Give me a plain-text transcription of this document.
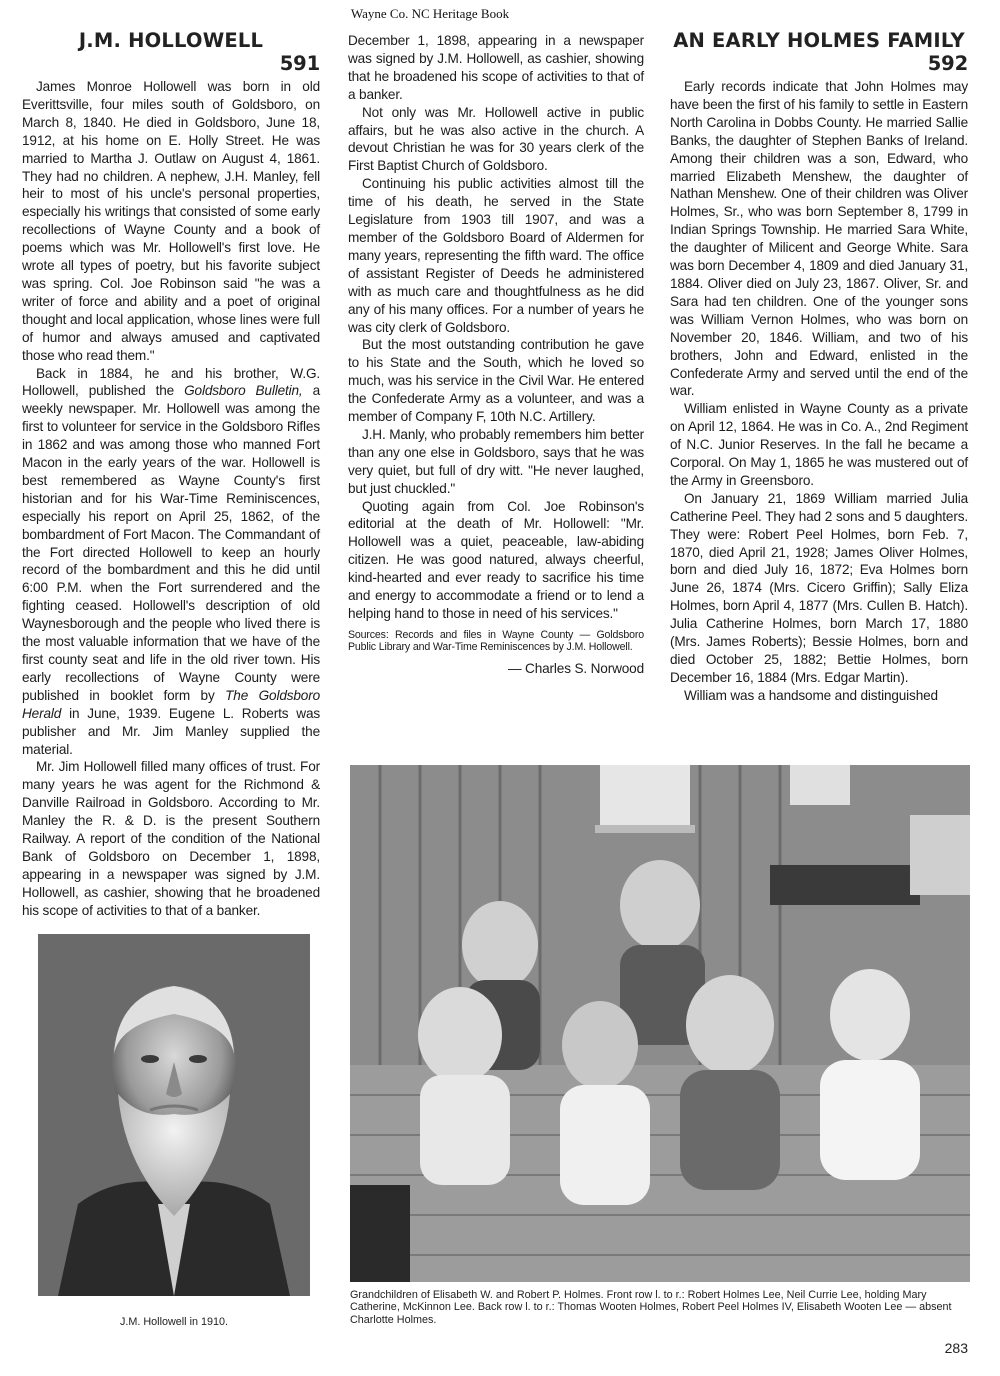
Wayne Co. NC Heritage Book
J.M. HOLLOWELL
591

James Monroe Hollowell was born in old Everittsville, four miles south of Goldsboro, on March 8, 1840. He died in Goldsboro, June 18, 1912, at his home on E. Holly Street. He was married to Martha J. Outlaw on August 4, 1861. They had no children. A nephew, J.H. Manley, fell heir to most of his uncle's personal properties, especially his writings that consisted of some early recollections of Wayne County and a book of poems which was Mr. Hollowell's first love. He wrote all types of poetry, but his favorite subject was spring. Col. Joe Robinson said "he was a writer of force and ability and a poet of original thought and local application, whose lines were full of humor and always amused and captivated those who read them."

Back in 1884, he and his brother, W.G. Hollowell, published the Goldsboro Bulletin, a weekly newspaper. Mr. Hollowell was among the first to volunteer for service in the Goldsboro Rifles in 1862 and was among those who manned Fort Macon in the early years of the war. Hollowell is best remembered as Wayne County's first historian and for his War-Time Reminiscences, especially his report on April 25, 1862, of the bombardment of Fort Macon. The Commandant of the Fort directed Hollowell to keep an hourly record of the bombardment and this he did until 6:00 P.M. when the Fort surrendered and the fighting ceased. Hollowell's description of old Waynesborough and the people who lived there is the most valuable information that we have of the first county seat and life in the old river town. His early recollections of Wayne County were published in booklet form by The Goldsboro Herald in June, 1939. Eugene L. Roberts was publisher and Mr. Jim Manley supplied the material.

Mr. Jim Hollowell filled many offices of trust. For many years he was agent for the Richmond & Danville Railroad in Goldsboro. According to Mr. Manley the R. & D. is the present Southern Railway. A report of the condition of the National Bank of Goldsboro on December 1, 1898, appearing in a newspaper was signed by J.M. Hollowell, as cashier, showing that he broadened his scope of activities to that of a banker.

December 1, 1898, appearing in a newspaper was signed by J.M. Hollowell, as cashier, showing that he broadened his scope of activities to that of a banker.

Not only was Mr. Hollowell active in public affairs, but he was also active in the church. A devout Christian he was for 30 years clerk of the First Baptist Church of Goldsboro.

Continuing his public activities almost till the time of his death, he served in the State Legislature from 1903 till 1907, and was a member of the Goldsboro Board of Aldermen for many years, representing the fifth ward. The office of assistant Register of Deeds he administered with as much care and thoughtfulness as he did any of his many offices. For a number of years he was city clerk of Goldsboro.

But the most outstanding contribution he gave to his State and the South, which he loved so much, was his service in the Civil War. He entered the Confederate Army as a volunteer, and was a member of Company F, 10th N.C. Artillery.

J.H. Manly, who probably remembers him better than any one else in Goldsboro, says that he was very quiet, but full of dry witt. "He never laughed, but just chuckled."

Quoting again from Col. Joe Robinson's editorial at the death of Mr. Hollowell: "Mr. Hollowell was a quiet, peaceable, law-abiding citizen. He was good natured, always cheerful, kind-hearted and ever ready to sacrifice his time and energy to accommodate a friend or to lend a helping hand to those in need of his services."

Sources: Records and files in Wayne County — Goldsboro Public Library and War-Time Reminiscences by J.M. Hollowell.

— Charles S. Norwood

AN EARLY HOLMES FAMILY
592

Early records indicate that John Holmes may have been the first of his family to settle in Eastern North Carolina in Dobbs County. He married Sallie Banks, the daughter of Stephen Banks of Ireland. Among their children was a son, Edward, who married Elizabeth Menshew, the daughter of Nathan Menshew. One of their children was Oliver Holmes, Sr., who was born September 8, 1799 in Indian Springs Township. He married Sara White, the daughter of Milicent and George White. Sara was born December 4, 1809 and died January 31, 1884. Oliver died on July 23, 1867. Oliver, Sr. and Sara had ten children. One of the younger sons was William Vernon Holmes, who was born on November 20, 1846. William, and two of his brothers, John and Edward, enlisted in the Confederate Army and served until the end of the war.

William enlisted in Wayne County as a private on April 12, 1864. He was in Co. A., 2nd Regiment of N.C. Junior Reserves. In the fall he became a Corporal. On May 1, 1865 he was mustered out of the Army in Greensboro.

On January 21, 1869 William married Julia Catherine Peel. They had 2 sons and 5 daughters. They were: Robert Peel Holmes, born Feb. 7, 1870, died April 21, 1928; James Oliver Holmes, born and died July 16, 1872; Eva Holmes born June 26, 1874 (Mrs. Cicero Griffin); Sally Eliza Holmes, born April 4, 1877 (Mrs. Cullen B. Hatch). Julia Catherine Holmes, born March 17, 1880 (Mrs. James Roberts); Bessie Holmes, born and died October 25, 1882; Bettie Holmes, born December 16, 1884 (Mrs. Edgar Martin).

William was a handsome and distinguished

J.M. Hollowell in 1910.
Grandchildren of Elisabeth W. and Robert P. Holmes. Front row l. to r.: Robert Holmes Lee, Neil Currie Lee, holding Mary Catherine, McKinnon Lee. Back row l. to r.: Thomas Wooten Holmes, Robert Peel Holmes IV, Elisabeth Wooten Lee — absent Charlotte Holmes.
283
